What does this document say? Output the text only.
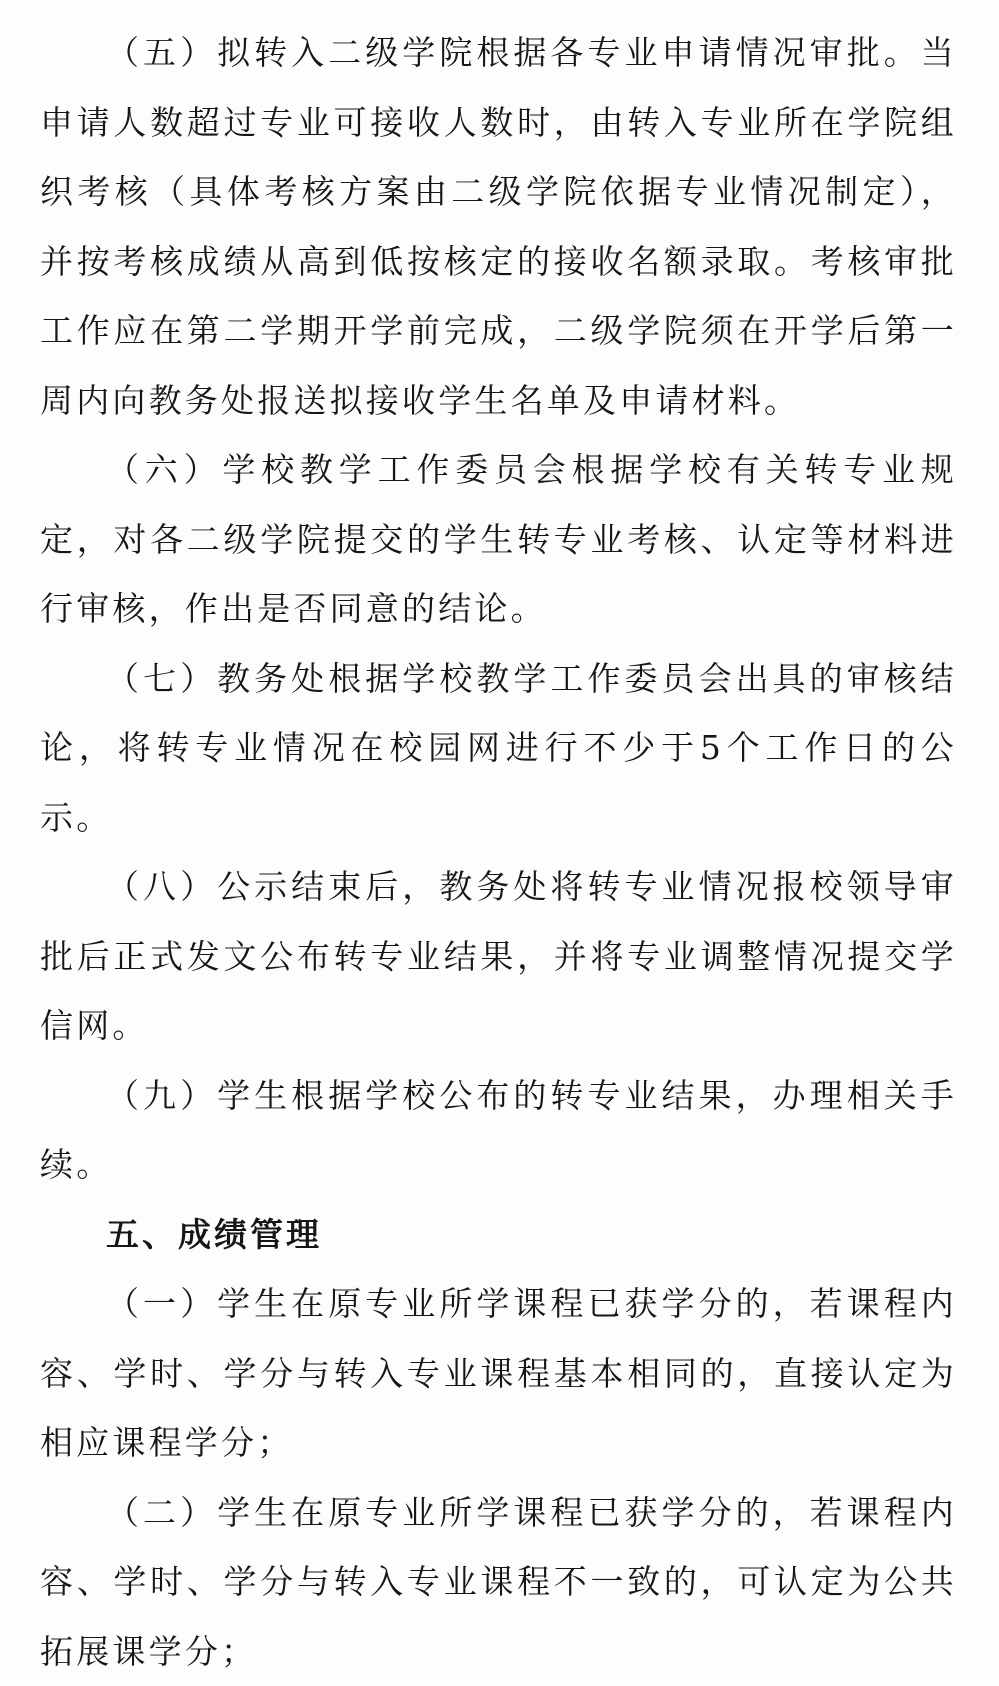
（五）拟转入二级学院根据各专业申请情况审批。当申请人数超过专业可接收人数时，由转入专业所在学院组织考核（具体考核方案由二级学院依据专业情况制定），并按考核成绩从高到低按核定的接收名额录取。考核审批工作应在第二学期开学前完成，二级学院须在开学后第一周内向教务处报送拟接收学生名单及申请材料。

（六）学校教学工作委员会根据学校有关转专业规定，对各二级学院提交的学生转专业考核、认定等材料进行审核，作出是否同意的结论。

（七）教务处根据学校教学工作委员会出具的审核结论，将转专业情况在校园网进行不少于5个工作日的公示。

（八）公示结束后，教务处将转专业情况报校领导审批后正式发文公布转专业结果，并将专业调整情况提交学信网。

（九）学生根据学校公布的转专业结果，办理相关手续。

五、成绩管理

（一）学生在原专业所学课程已获学分的，若课程内容、学时、学分与转入专业课程基本相同的，直接认定为相应课程学分；

（二）学生在原专业所学课程已获学分的，若课程内容、学时、学分与转入专业课程不一致的，可认定为公共拓展课学分；
